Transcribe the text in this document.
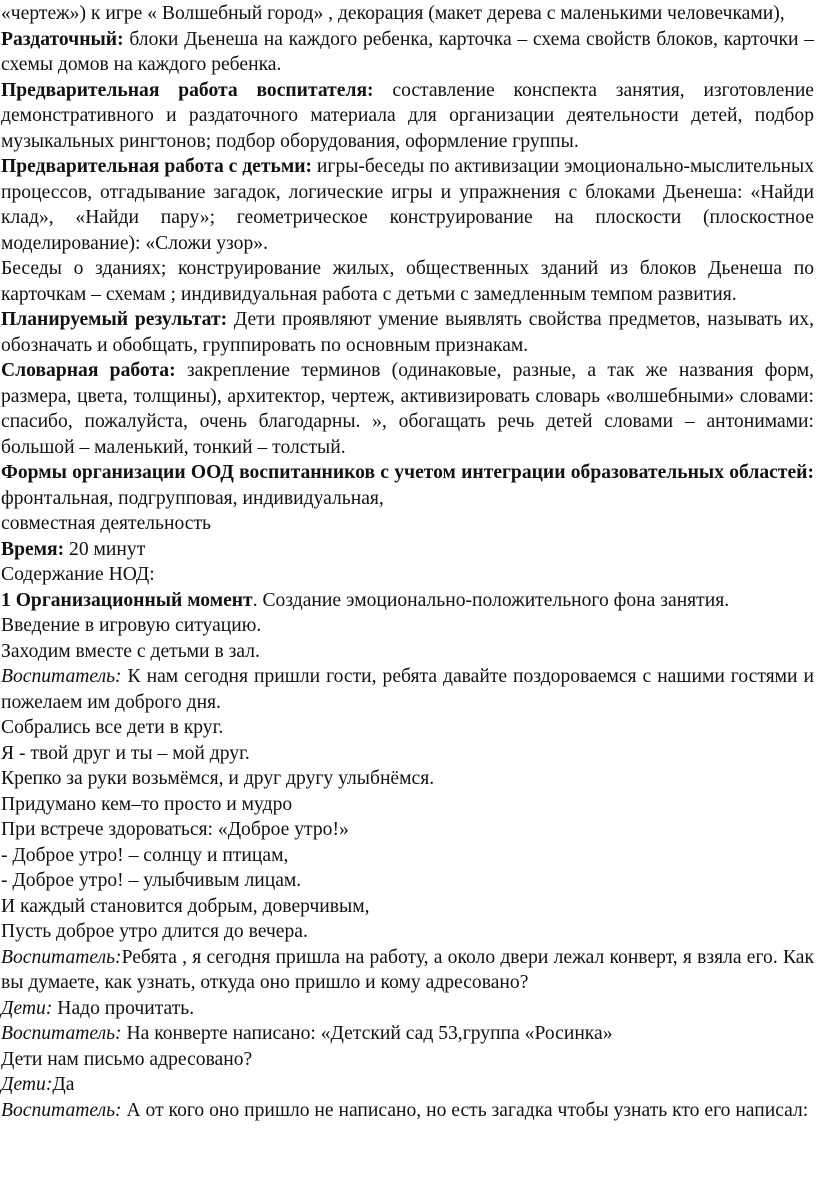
«чертеж») к игре « Волшебный город» , декорация (макет дерева с маленькими человечками),

Раздаточный: блоки Дьенеша на каждого ребенка, карточка – схема свойств блоков, карточки – схемы домов на каждого ребенка.

Предварительная работа воспитателя: составление конспекта занятия, изготовление демонстративного и раздаточного материала для организации деятельности детей, подбор музыкальных рингтонов; подбор оборудования, оформление группы.

Предварительная работа с детьми: игры-беседы по активизации эмоционально-мыслительных процессов, отгадывание загадок, логические игры и упражнения с блоками Дьенеша: «Найди клад», «Найди пару»; геометрическое конструирование на плоскости (плоскостное моделирование): «Сложи узор».

Беседы о зданиях; конструирование жилых, общественных зданий из блоков Дьенеша по карточкам – схемам ; индивидуальная работа с детьми с замедленным темпом развития.

Планируемый результат: Дети проявляют умение выявлять свойства предметов, называть их, обозначать и обобщать, группировать по основным признакам.

Словарная работа: закрепление терминов (одинаковые, разные, а так же названия форм, размера, цвета, толщины), архитектор, чертеж, активизировать словарь «волшебными» словами: спасибо, пожалуйста, очень благодарны. », обогащать речь детей словами – антонимами: большой – маленький, тонкий – толстый.

Формы организации ООД воспитанников с учетом интеграции образовательных областей: фронтальная, подгрупповая, индивидуальная,

совместная деятельность

Время: 20 минут

Содержание НОД:

1 Организационный момент. Создание эмоционально-положительного фона занятия.

Введение в игровую ситуацию.

Заходим вместе с детьми в зал.

Воспитатель: К нам сегодня пришли гости, ребята давайте поздороваемся с нашими гостями и пожелаем им доброго дня.

Собрались все дети в круг.

Я - твой друг и ты – мой друг.

Крепко за руки возьмёмся, и друг другу улыбнёмся.

Придумано кем–то просто и мудро

При встрече здороваться: «Доброе утро!»

- Доброе утро! – солнцу и птицам,

- Доброе утро! – улыбчивым лицам.

И каждый становится добрым, доверчивым,

Пусть доброе утро длится до вечера.

Воспитатель:Ребята , я сегодня пришла на работу, а около двери лежал конверт, я взяла его. Как вы думаете, как узнать, откуда оно пришло и кому адресовано?

Дети: Надо прочитать.

Воспитатель: На конверте написано: «Детский сад 53,группа «Росинка»

Дети нам письмо адресовано?

Дети:Да

Воспитатель: А от кого оно пришло не написано, но есть загадка чтобы узнать кто его написал:
